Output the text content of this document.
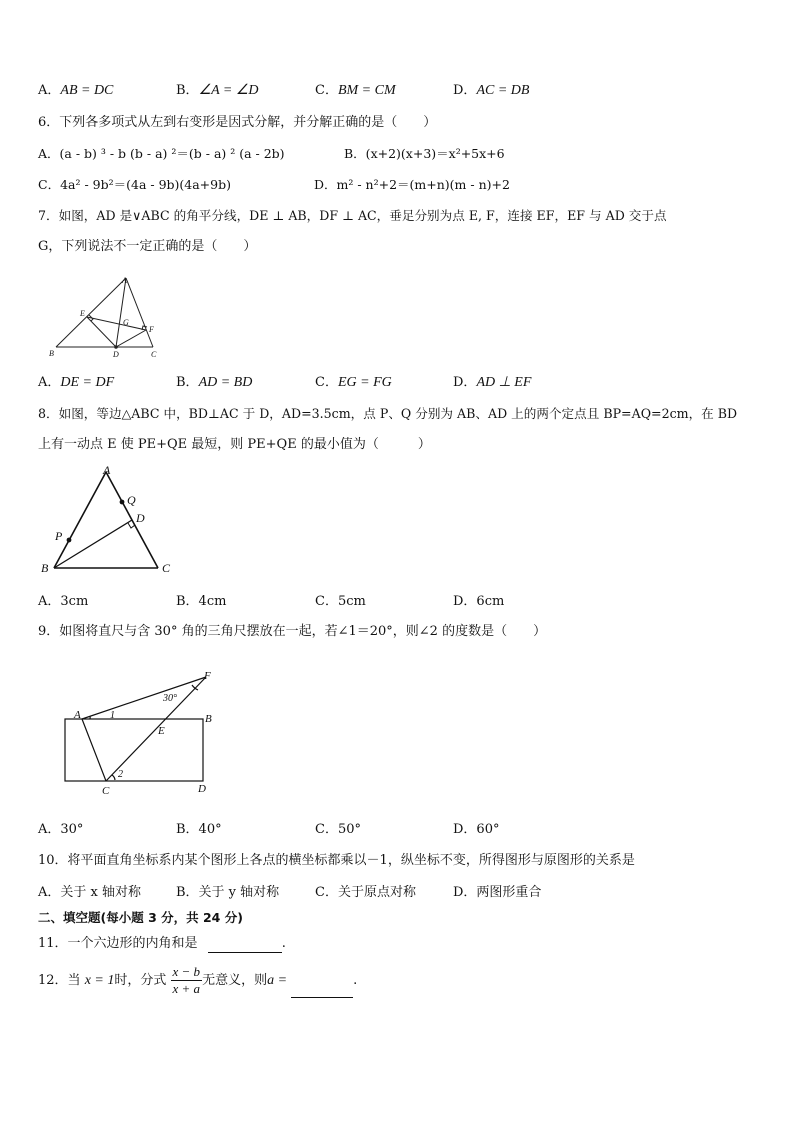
A．AB = DC	B．∠A = ∠D	C．BM = CM	D．AC = DB
6．下列各多项式从左到右变形是因式分解，并分解正确的是（　　）
A．(a - b) ³ - b (b - a) ²＝(b - a) ² (a - 2b)	B．(x+2)(x+3)＝x²+5x+6
C．4a² - 9b²＝(4a - 9b)(4a+9b)	D．m² - n²+2＝(m+n)(m - n)+2
7．如图，AD 是∨ABC 的角平分线，DE ⊥ AB，DF ⊥ AC，垂足分别为点 E, F，连接 EF，EF 与 AD 交于点
G，下列说法不一定正确的是（　　）
A
E
G
F
B	D	C
A．DE = DF	B．AD = BD	C．EG = FG	D．AD ⊥ EF
8．如图，等边△ABC 中，BD⊥AC 于 D，AD=3.5cm，点 P、Q 分别为 AB、AD 上的两个定点且 BP=AQ=2cm，在 BD
上有一动点 E 使 PE+QE 最短，则 PE+QE 的最小值为（　　　）
A
Q
D
P
B	C
A．3cm	B．4cm	C．5cm	D．6cm
9．如图将直尺与含 30° 角的三角尺摆放在一起，若∠1＝20°，则∠2 的度数是（　　）
F
30°
A	1	B
E
2
C	D
A．30°	B．40°	C．50°	D．60°
10．将平面直角坐标系内某个图形上各点的横坐标都乘以－1，纵坐标不变，所得图形与原图形的关系是
A．关于 x 轴对称	B．关于 y 轴对称	C．关于原点对称	D．两图形重合
二、填空题(每小题 3 分，共 24 分)
11．一个六边形的内角和是	.
12．当 x = 1时，分式 $\frac{x - b}{x + a}$ 无意义，则a =	.
